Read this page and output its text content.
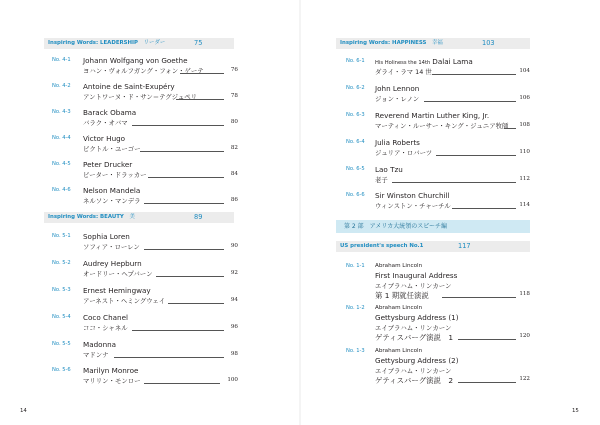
Inspiring Words: LEADERSHIP リーダー	75
No. 4-1 Johann Wolfgang von Goethe
ヨハン・ヴォルフガング・フォン・ゲーテ	76
No. 4-2 Antoine de Saint-Exupéry
アントワーヌ・ド・サン＝テグジュペリ	78
No. 4-3 Barack Obama
バラク・オバマ	80
No. 4-4 Victor Hugo
ビクトル・ユーゴー	82
No. 4-5 Peter Drucker
ピーター・ドラッカー	84
No. 4-6 Nelson Mandela
ネルソン・マンデラ	86
Inspiring Words: BEAUTY 美	89
No. 5-1 Sophia Loren
ソフィア・ローレン	90
No. 5-2 Audrey Hepburn
オードリー・ヘプバーン	92
No. 5-3 Ernest Hemingway
アーネスト・ヘミングウェイ	94
No. 5-4 Coco Chanel
ココ・シャネル	96
No. 5-5 Madonna
マドンナ	98
No. 5-6 Marilyn Monroe
マリリン・モンロー	100
14
Inspiring Words: HAPPINESS 幸福	103
No. 6-1 His Holiness the 14th Dalai Lama
ダライ・ラマ 14 世	104
No. 6-2 John Lennon
ジョン・レノン	106
No. 6-3 Reverend Martin Luther King, Jr.
マーティン・ルーサー・キング・ジュニア牧師	108
No. 6-4 Julia Roberts
ジュリア・ロバーツ	110
No. 6-5 Lao Tzu
老子	112
No. 6-6 Sir Winston Churchill
ウィンストン・チャーチル	114
第 2 部　アメリカ大統領のスピーチ編
US president's speech No.1	117
No. 1-1 Abraham Lincoln
First Inaugural Address
エイブラハム・リンカーン
第 1 期就任演説	118
No. 1-2 Abraham Lincoln
Gettysburg Address (1)
エイブラハム・リンカーン
ゲティスバーグ演説　1	120
No. 1-3 Abraham Lincoln
Gettysburg Address (2)
エイブラハム・リンカーン
ゲティスバーグ演説　2	122
15
